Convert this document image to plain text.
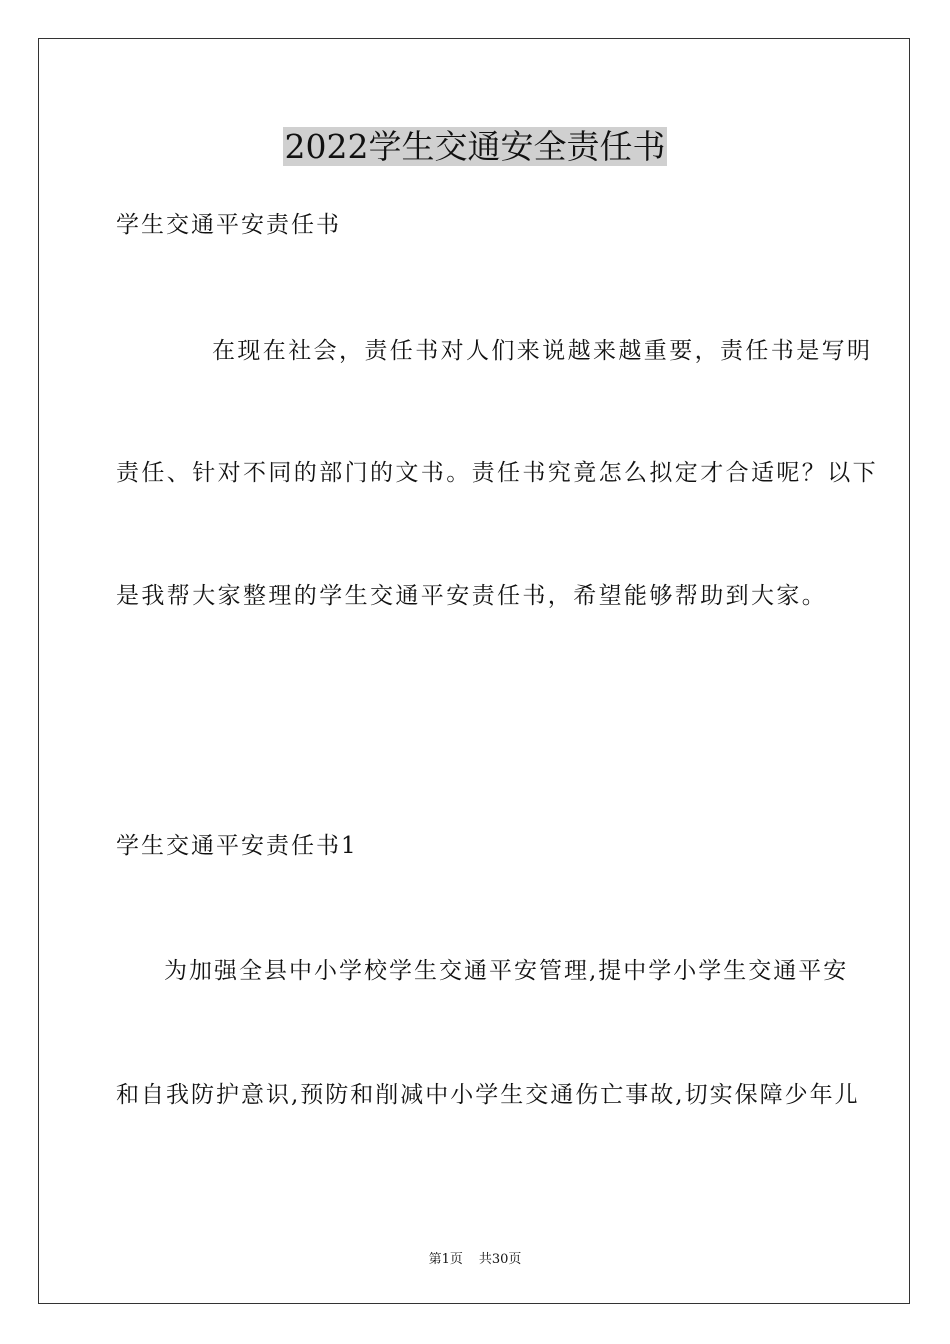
2022学生交通安全责任书

学生交通平安责任书

在现在社会，责任书对人们来说越来越重要，责任书是写明

责任、针对不同的部门的文书。责任书究竟怎么拟定才合适呢？以下

是我帮大家整理的学生交通平安责任书，希望能够帮助到大家。

学生交通平安责任书1

为加强全县中小学校学生交通平安管理,提中学小学生交通平安

和自我防护意识,预防和削减中小学生交通伤亡事故,切实保障少年儿

第1页 共30页
